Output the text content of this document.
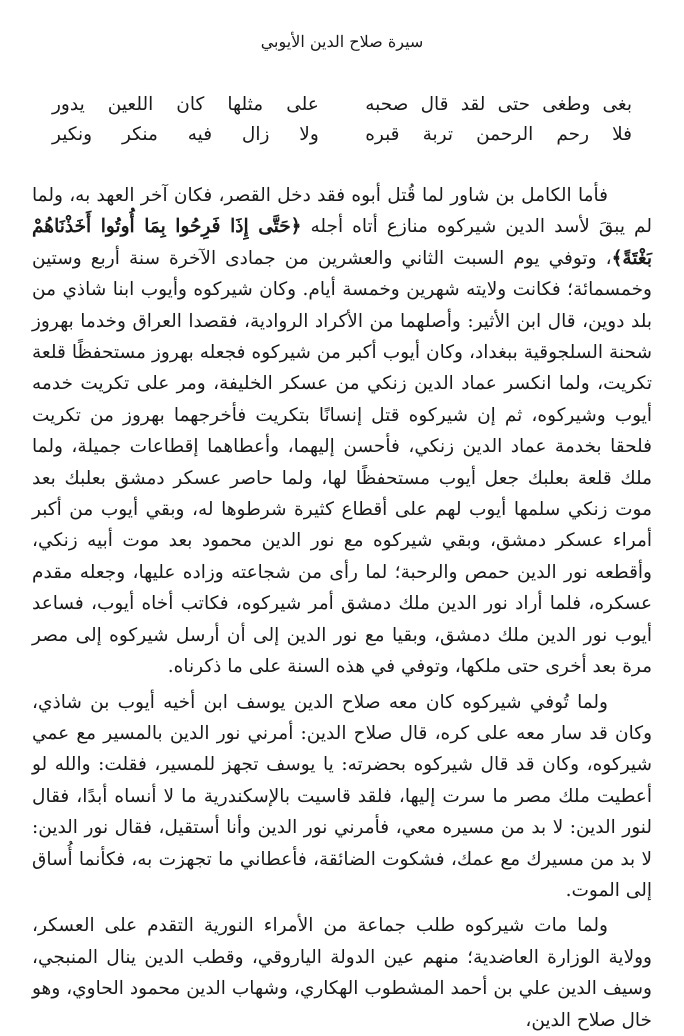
سيرة صلاح الدين الأيوبي
بغى وطغى حتى لقد قال صحبه
على مثلها كان اللعين يدور
فلا رحم الرحمن تربة قبره
ولا زال فيه منكر ونكير

فأما الكامل بن شاور لما قُتل أبوه فقد دخل القصر، فكان آخر العهد به، ولما لم يبقَ لأسد الدين شيركوه منازع أتاه أجله ﴿حَتَّى إِذَا فَرِحُوا بِمَا أُوتُوا أَخَذْنَاهُمْ بَغْتَةً﴾، وتوفي يوم السبت الثاني والعشرين من جمادى الآخرة سنة أربع وستين وخمسمائة؛ فكانت ولايته شهرين وخمسة أيام. وكان شيركوه وأيوب ابنا شاذي من بلد دوين، قال ابن الأثير: وأصلهما من الأكراد الروادية، فقصدا العراق وخدما بهروز شحنة السلجوقية ببغداد، وكان أيوب أكبر من شيركوه فجعله بهروز مستحفظًا قلعة تكريت، ولما انكسر عماد الدين زنكي من عسكر الخليفة، ومر على تكريت خدمه أيوب وشيركوه، ثم إن شيركوه قتل إنسانًا بتكريت فأخرجهما بهروز من تكريت فلحقا بخدمة عماد الدين زنكي، فأحسن إليهما، وأعطاهما إقطاعات جميلة، ولما ملك قلعة بعلبك جعل أيوب مستحفظًا لها، ولما حاصر عسكر دمشق بعلبك بعد موت زنكي سلمها أيوب لهم على أقطاع كثيرة شرطوها له، وبقي أيوب من أكبر أمراء عسكر دمشق، وبقي شيركوه مع نور الدين محمود بعد موت أبيه زنكي، وأقطعه نور الدين حمص والرحبة؛ لما رأى من شجاعته وزاده عليها، وجعله مقدم عسكره، فلما أراد نور الدين ملك دمشق أمر شيركوه، فكاتب أخاه أيوب، فساعد أيوب نور الدين ملك دمشق، وبقيا مع نور الدين إلى أن أرسل شيركوه إلى مصر مرة بعد أخرى حتى ملكها، وتوفي في هذه السنة على ما ذكرناه.

ولما تُوفي شيركوه كان معه صلاح الدين يوسف ابن أخيه أيوب بن شاذي، وكان قد سار معه على كره، قال صلاح الدين: أمرني نور الدين بالمسير مع عمي شيركوه، وكان قد قال شيركوه بحضرته: يا يوسف تجهز للمسير، فقلت: والله لو أعطيت ملك مصر ما سرت إليها، فلقد قاسيت بالإسكندرية ما لا أنساه أبدًا، فقال لنور الدين: لا بد من مسيره معي، فأمرني نور الدين وأنا أستقيل، فقال نور الدين: لا بد من مسيرك مع عمك، فشكوت الضائقة، فأعطاني ما تجهزت به، فكأنما أُساق إلى الموت.

ولما مات شيركوه طلب جماعة من الأمراء النورية التقدم على العسكر، وولاية الوزارة العاضدية؛ منهم عين الدولة الياروقي، وقطب الدين ينال المنبجي، وسيف الدين علي بن أحمد المشطوب الهكاري، وشهاب الدين محمود الحاوي، وهو خال صلاح الدين،
